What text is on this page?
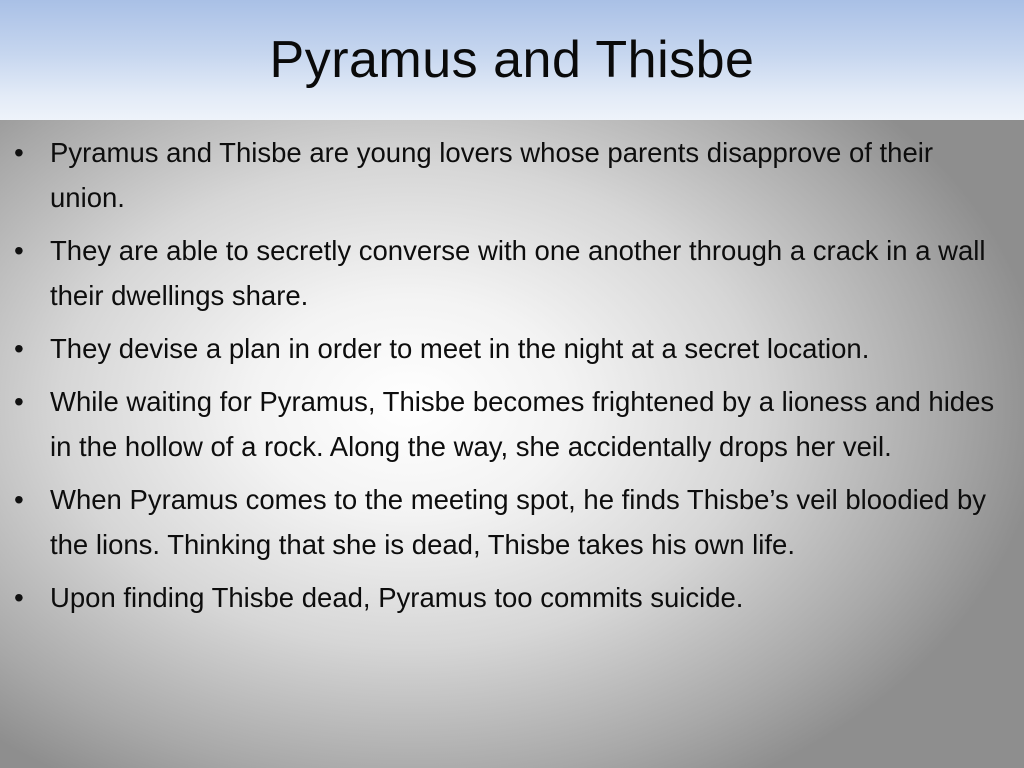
Pyramus and Thisbe
• Pyramus and Thisbe are young lovers whose parents disapprove of their union.
• They are able to secretly converse with one another through a crack in a wall their dwellings share.
• They devise a plan in order to meet in the night at a secret location.
• While waiting for Pyramus, Thisbe becomes frightened by a lioness and hides in the hollow of a rock. Along the way, she accidentally drops her veil.
• When Pyramus comes to the meeting spot, he finds Thisbe’s veil bloodied by the lions. Thinking that she is dead, Thisbe takes his own life.
• Upon finding Thisbe dead, Pyramus too commits suicide.
